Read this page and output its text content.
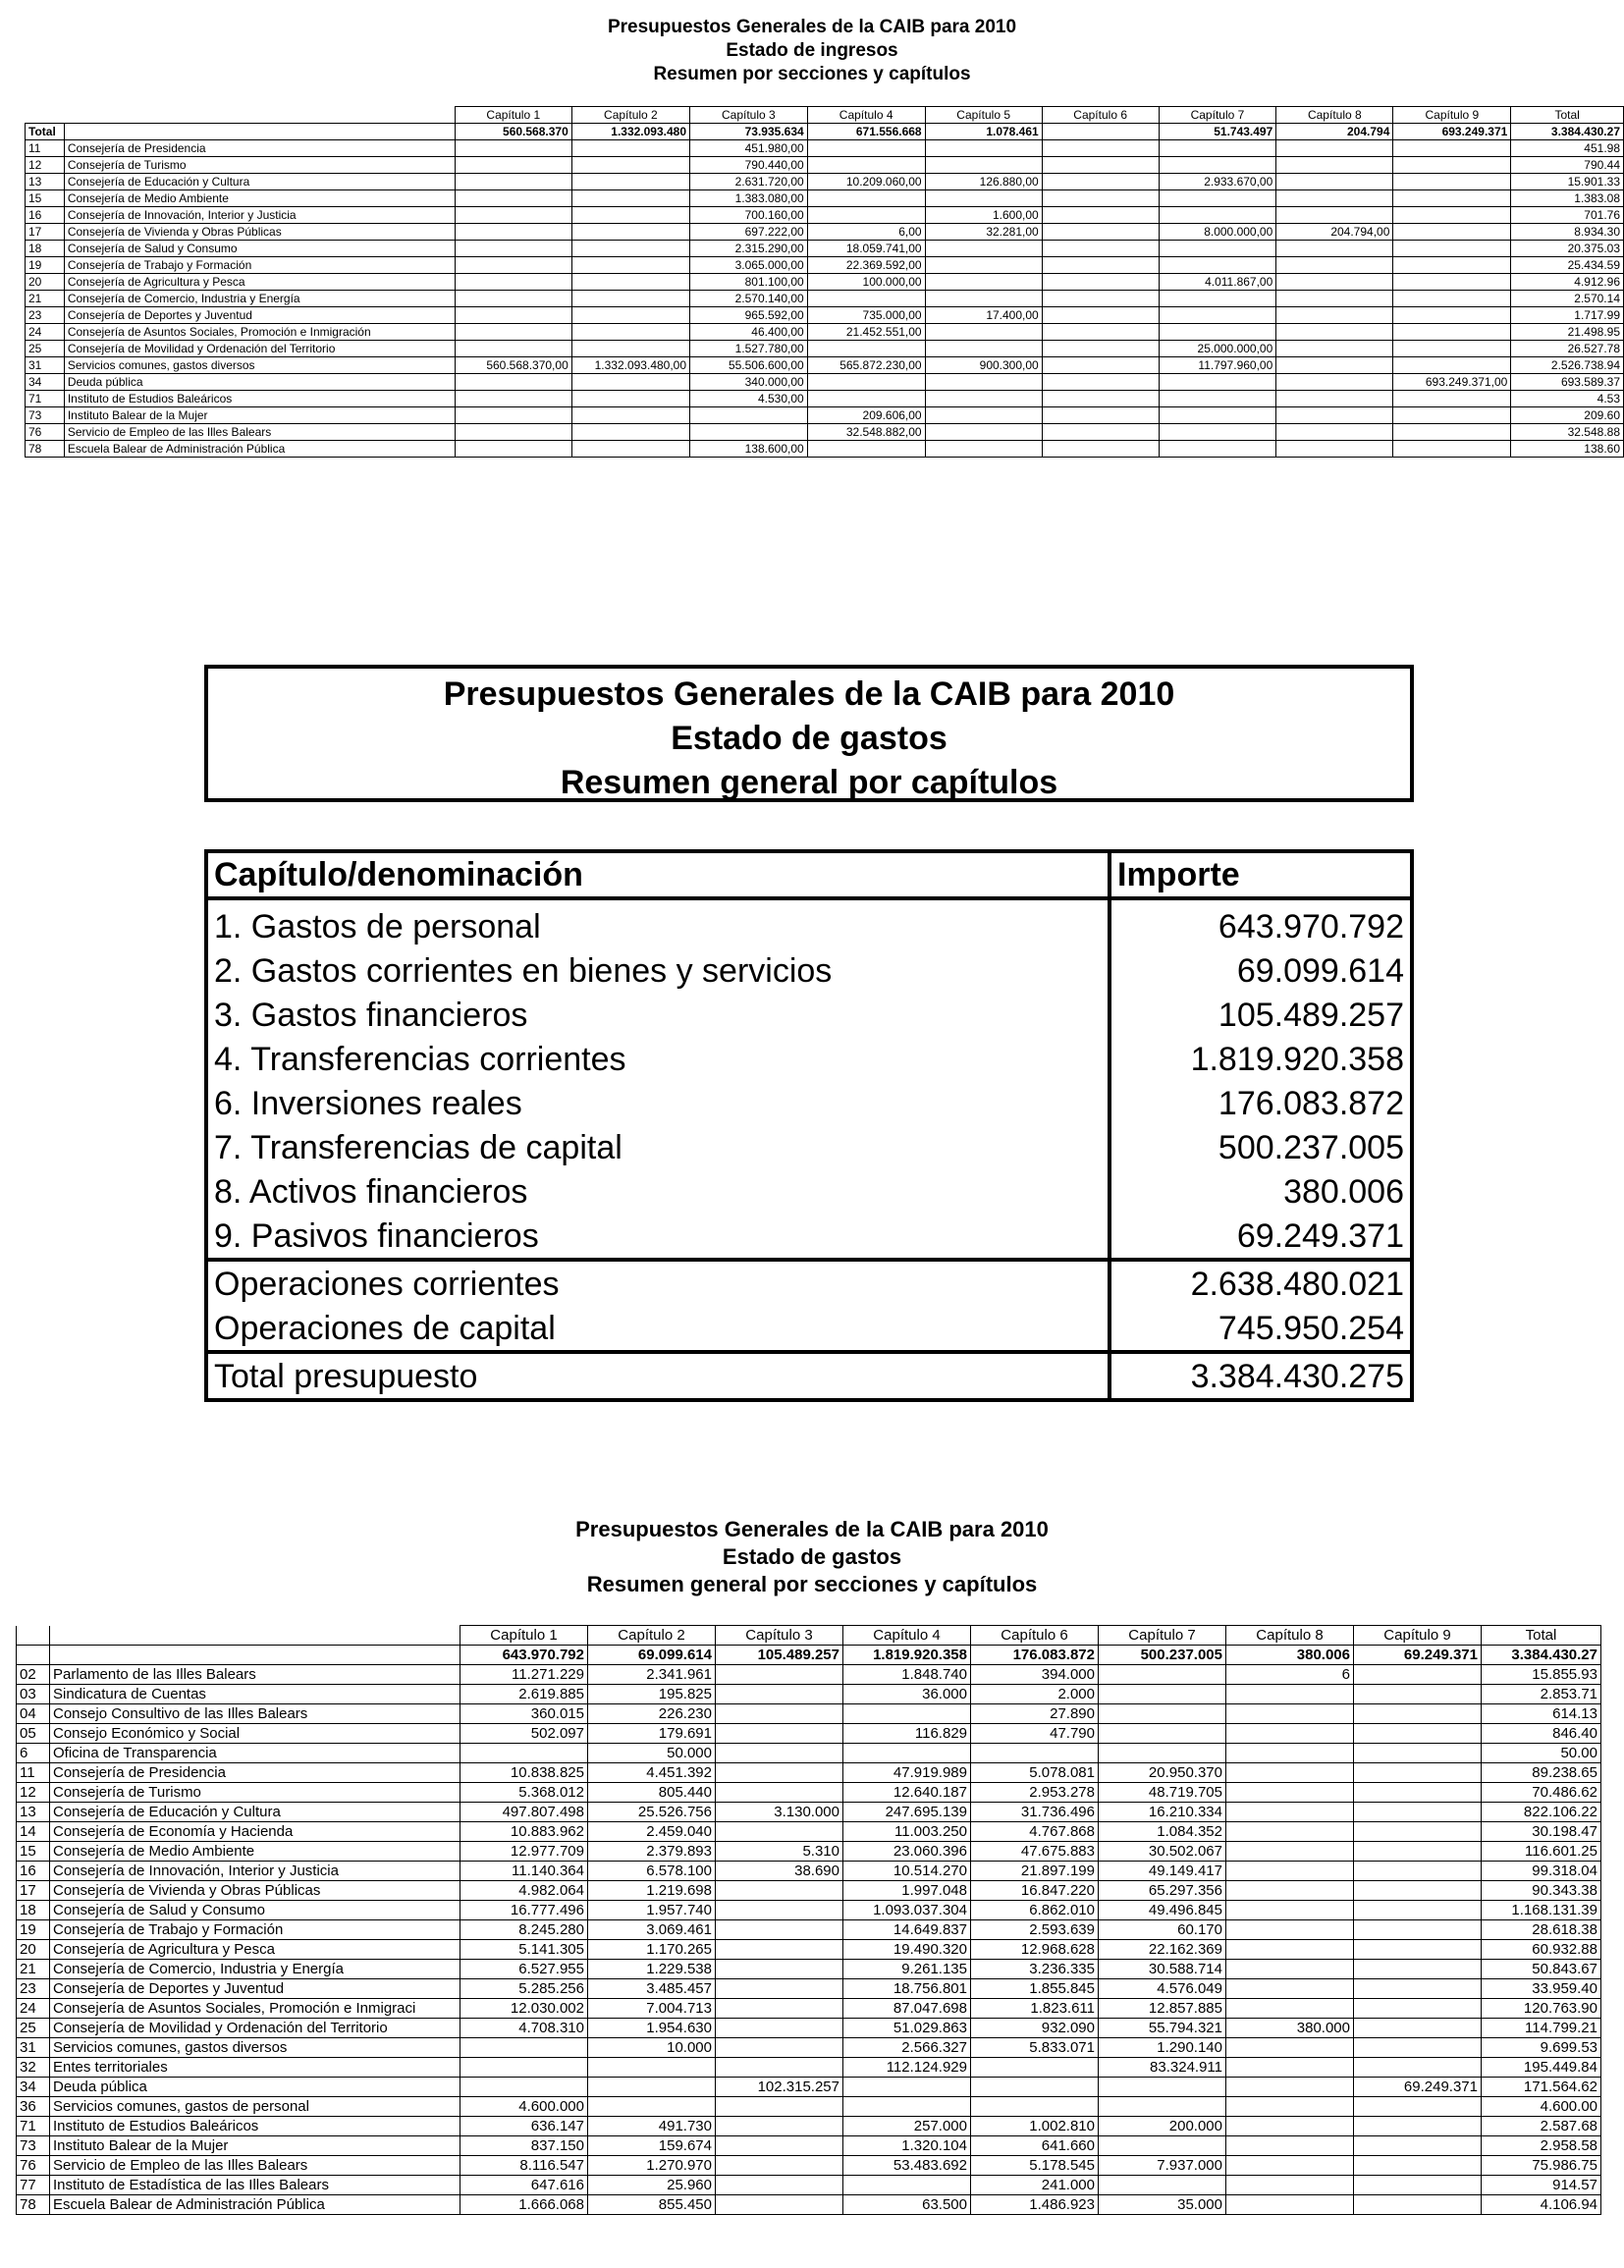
Presupuestos Generales de la CAIB para 2010
Estado de ingresos
Resumen por secciones y capítulos
		Capítulo 1	Capítulo 2	Capítulo 3	Capítulo 4	Capítulo 5	Capítulo 6	Capítulo 7	Capítulo 8	Capítulo 9	Total
Total		560.568.370	1.332.093.480	73.935.634	671.556.668	1.078.461		51.743.497	204.794	693.249.371	3.384.430.27
11	Consejería de Presidencia			451.980,00							451.98
12	Consejería de Turismo			790.440,00							790.44
13	Consejería de Educación y Cultura			2.631.720,00	10.209.060,00	126.880,00		2.933.670,00			15.901.33
15	Consejería de Medio Ambiente			1.383.080,00							1.383.08
16	Consejería de Innovación, Interior y Justicia			700.160,00		1.600,00					701.76
17	Consejería de Vivienda y Obras Públicas			697.222,00	6,00	32.281,00		8.000.000,00	204.794,00		8.934.30
18	Consejería de Salud y Consumo			2.315.290,00	18.059.741,00						20.375.03
19	Consejería de Trabajo y Formación			3.065.000,00	22.369.592,00						25.434.59
20	Consejería de Agricultura y Pesca			801.100,00	100.000,00			4.011.867,00			4.912.96
21	Consejería de Comercio, Industria y Energía			2.570.140,00							2.570.14
23	Consejería de Deportes y Juventud			965.592,00	735.000,00	17.400,00					1.717.99
24	Consejería de Asuntos Sociales, Promoción e Inmigración			46.400,00	21.452.551,00						21.498.95
25	Consejería de Movilidad y Ordenación del Territorio			1.527.780,00				25.000.000,00			26.527.78
31	Servicios comunes, gastos diversos	560.568.370,00	1.332.093.480,00	55.506.600,00	565.872.230,00	900.300,00		11.797.960,00			2.526.738.94
34	Deuda pública			340.000,00						693.249.371,00	693.589.37
71	Instituto de Estudios Baleáricos			4.530,00							4.53
73	Instituto Balear de la Mujer				209.606,00						209.60
76	Servicio de Empleo de las Illes Balears				32.548.882,00						32.548.88
78	Escuela Balear de Administración Pública			138.600,00							138.60
Presupuestos Generales de la CAIB para 2010
Estado de gastos
Resumen general por capítulos
Capítulo/denominación	Importe
1. Gastos de personal	643.970.792
2. Gastos corrientes en bienes y servicios	69.099.614
3. Gastos financieros	105.489.257
4. Transferencias corrientes	1.819.920.358
6. Inversiones reales	176.083.872
7. Transferencias de capital	500.237.005
8. Activos financieros	380.006
9. Pasivos financieros	69.249.371
Operaciones corrientes	2.638.480.021
Operaciones de capital	745.950.254
Total presupuesto	3.384.430.275
Presupuestos Generales de la CAIB para 2010
Estado de gastos
Resumen general por secciones y capítulos
		Capítulo 1	Capítulo 2	Capítulo 3	Capítulo 4	Capítulo 6	Capítulo 7	Capítulo 8	Capítulo 9	Total
		643.970.792	69.099.614	105.489.257	1.819.920.358	176.083.872	500.237.005	380.006	69.249.371	3.384.430.27
02	Parlamento de las Illes Balears	11.271.229	2.341.961		1.848.740	394.000		6		15.855.93
03	Sindicatura de Cuentas	2.619.885	195.825		36.000	2.000				2.853.71
04	Consejo Consultivo de las Illes Balears	360.015	226.230			27.890				614.13
05	Consejo Económico y Social	502.097	179.691		116.829	47.790				846.40
6	Oficina de Transparencia		50.000							50.00
11	Consejería de Presidencia	10.838.825	4.451.392		47.919.989	5.078.081	20.950.370			89.238.65
12	Consejería de Turismo	5.368.012	805.440		12.640.187	2.953.278	48.719.705			70.486.62
13	Consejería de Educación y Cultura	497.807.498	25.526.756	3.130.000	247.695.139	31.736.496	16.210.334			822.106.22
14	Consejería de Economía y Hacienda	10.883.962	2.459.040		11.003.250	4.767.868	1.084.352			30.198.47
15	Consejería de Medio Ambiente	12.977.709	2.379.893	5.310	23.060.396	47.675.883	30.502.067			116.601.25
16	Consejería de Innovación, Interior y Justicia	11.140.364	6.578.100	38.690	10.514.270	21.897.199	49.149.417			99.318.04
17	Consejería de Vivienda y Obras Públicas	4.982.064	1.219.698		1.997.048	16.847.220	65.297.356			90.343.38
18	Consejería de Salud y Consumo	16.777.496	1.957.740		1.093.037.304	6.862.010	49.496.845			1.168.131.39
19	Consejería de Trabajo y Formación	8.245.280	3.069.461		14.649.837	2.593.639	60.170			28.618.38
20	Consejería de Agricultura y Pesca	5.141.305	1.170.265		19.490.320	12.968.628	22.162.369			60.932.88
21	Consejería de Comercio, Industria y Energía	6.527.955	1.229.538		9.261.135	3.236.335	30.588.714			50.843.67
23	Consejería de Deportes y Juventud	5.285.256	3.485.457		18.756.801	1.855.845	4.576.049			33.959.40
24	Consejería de Asuntos Sociales, Promoción e Inmigraci	12.030.002	7.004.713		87.047.698	1.823.611	12.857.885			120.763.90
25	Consejería de Movilidad y Ordenación del Territorio	4.708.310	1.954.630		51.029.863	932.090	55.794.321	380.000		114.799.21
31	Servicios comunes, gastos diversos		10.000		2.566.327	5.833.071	1.290.140			9.699.53
32	Entes territoriales				112.124.929		83.324.911			195.449.84
34	Deuda pública			102.315.257					69.249.371	171.564.62
36	Servicios comunes, gastos de personal	4.600.000								4.600.00
71	Instituto de Estudios Baleáricos	636.147	491.730		257.000	1.002.810	200.000			2.587.68
73	Instituto Balear de la Mujer	837.150	159.674		1.320.104	641.660				2.958.58
76	Servicio de Empleo de las Illes Balears	8.116.547	1.270.970		53.483.692	5.178.545	7.937.000			75.986.75
77	Instituto de Estadística de las Illes Balears	647.616	25.960			241.000				914.57
78	Escuela Balear de Administración Pública	1.666.068	855.450		63.500	1.486.923	35.000			4.106.94
